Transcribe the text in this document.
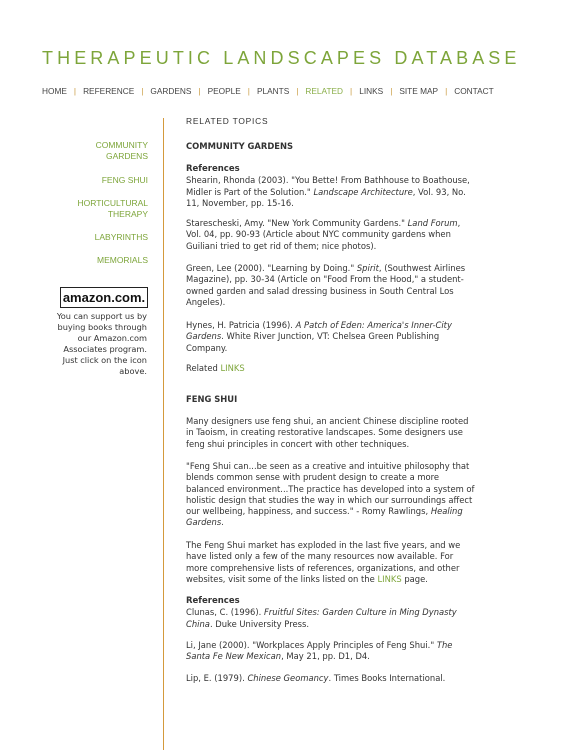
THERAPEUTIC LANDSCAPES DATABASE
HOME | REFERENCE | GARDENS | PEOPLE | PLANTS | RELATED | LINKS | SITE MAP | CONTACT
COMMUNITY
GARDENS
FENG SHUI
HORTICULTURAL
THERAPY
LABYRINTHS
MEMORIALS
amazon.com.
You can support us by
buying books through
our Amazon.com
Associates program.
Just click on the icon
above.
RELATED TOPICS
COMMUNITY GARDENS
References
Shearin, Rhonda (2003). "You Bette! From Bathhouse to Boathouse,
Midler is Part of the Solution." Landscape Architecture, Vol. 93, No.
11, November, pp. 15-16.
Starescheski, Amy. "New York Community Gardens." Land Forum,
Vol. 04, pp. 90-93 (Article about NYC community gardens when
Guiliani tried to get rid of them; nice photos).
Green, Lee (2000). "Learning by Doing." Spirit, (Southwest Airlines
Magazine), pp. 30-34 (Article on "Food From the Hood," a student-
owned garden and salad dressing business in South Central Los
Angeles).
Hynes, H. Patricia (1996). A Patch of Eden: America's Inner-City
Gardens. White River Junction, VT: Chelsea Green Publishing
Company.
Related LINKS
FENG SHUI
Many designers use feng shui, an ancient Chinese discipline rooted
in Taoism, in creating restorative landscapes. Some designers use
feng shui principles in concert with other techniques.
"Feng Shui can...be seen as a creative and intuitive philosophy that
blends common sense with prudent design to create a more
balanced environment...The practice has developed into a system of
holistic design that studies the way in which our surroundings affect
our wellbeing, happiness, and success." - Romy Rawlings, Healing
Gardens.
The Feng Shui market has exploded in the last five years, and we
have listed only a few of the many resources now available. For
more comprehensive lists of references, organizations, and other
websites, visit some of the links listed on the LINKS page.
References
Clunas, C. (1996). Fruitful Sites: Garden Culture in Ming Dynasty
China. Duke University Press.
Li, Jane (2000). "Workplaces Apply Principles of Feng Shui." The
Santa Fe New Mexican, May 21, pp. D1, D4.
Lip, E. (1979). Chinese Geomancy. Times Books International.
